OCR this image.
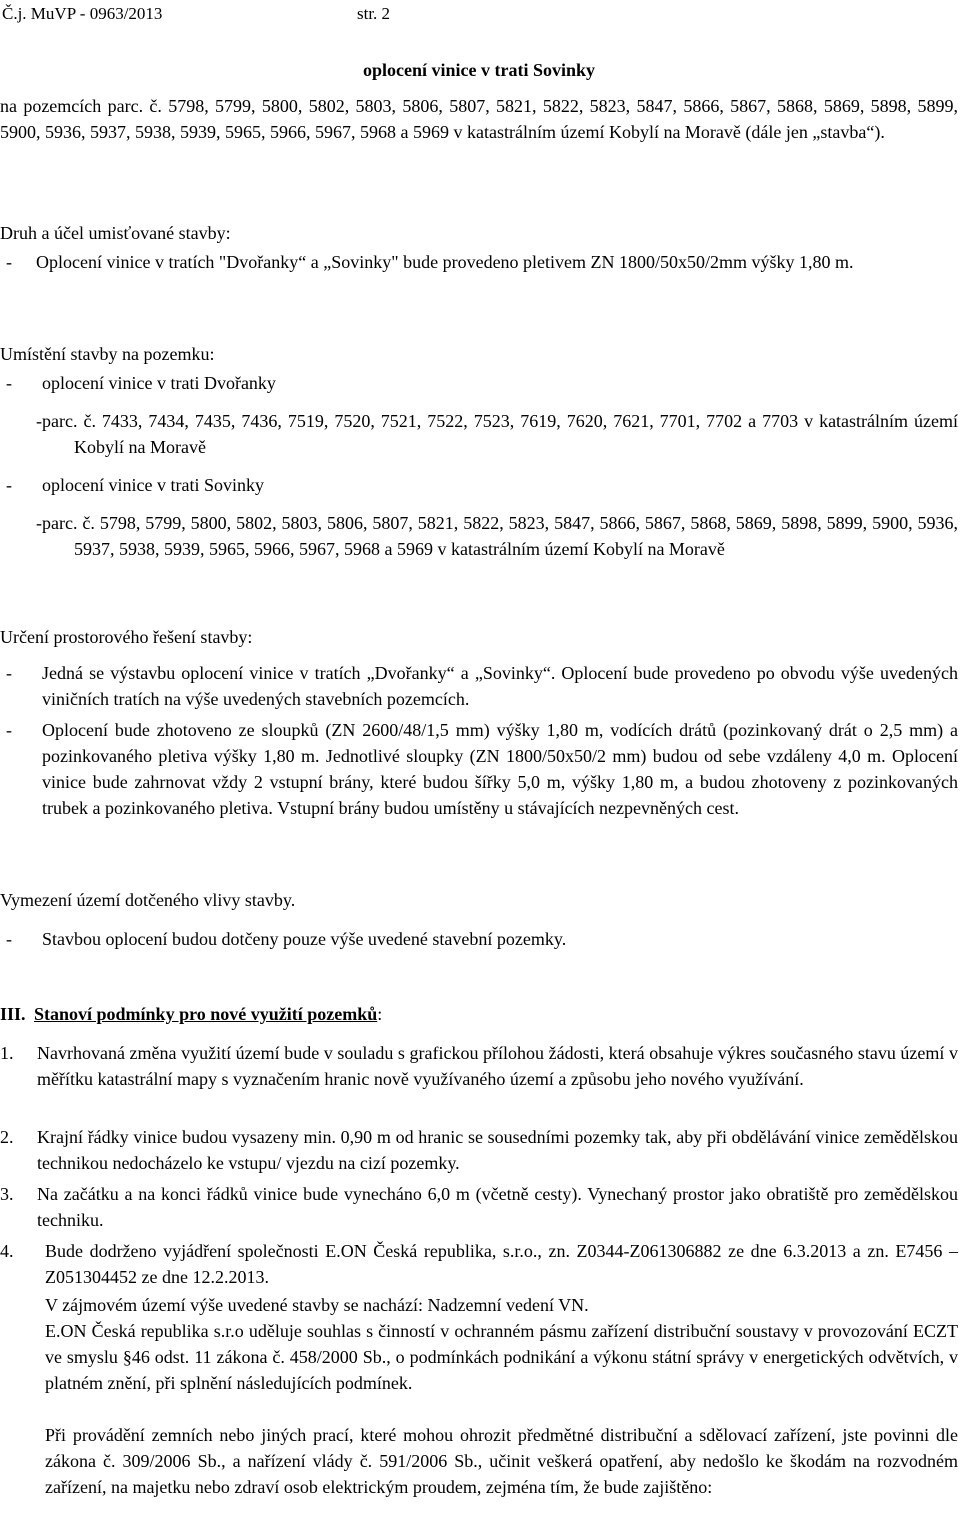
Č.j. MuVP - 0963/2013	str. 2
oplocení vinice v trati Sovinky
na pozemcích parc. č. 5798, 5799, 5800, 5802, 5803, 5806, 5807, 5821, 5822, 5823, 5847, 5866, 5867, 5868, 5869, 5898, 5899, 5900, 5936, 5937, 5938, 5939, 5965, 5966, 5967, 5968 a 5969 v katastrálním území Kobylí na Moravě (dále jen „stavba“).
Druh a účel umisťované stavby:
- Oplocení vinice v tratích "Dvořanky“ a „Sovinky" bude provedeno pletivem ZN 1800/50x50/2mm výšky 1,80 m.
Umístění stavby na pozemku:
- oplocení vinice v trati Dvořanky
- parc. č. 7433, 7434, 7435, 7436, 7519, 7520, 7521, 7522, 7523, 7619, 7620, 7621, 7701, 7702 a 7703 v katastrálním území Kobylí na Moravě
- oplocení vinice v trati Sovinky
- parc. č. 5798, 5799, 5800, 5802, 5803, 5806, 5807, 5821, 5822, 5823, 5847, 5866, 5867, 5868, 5869, 5898, 5899, 5900, 5936, 5937, 5938, 5939, 5965, 5966, 5967, 5968 a 5969 v katastrálním území Kobylí na Moravě
Určení prostorového řešení stavby:
- Jedná se výstavbu oplocení vinice v tratích „Dvořanky“ a „Sovinky“. Oplocení bude provedeno po obvodu výše uvedených viničních tratích na výše uvedených stavebních pozemcích.
- Oplocení bude zhotoveno ze sloupků (ZN 2600/48/1,5 mm) výšky 1,80 m, vodících drátů (pozinkovaný drát o 2,5 mm) a pozinkovaného pletiva výšky 1,80 m. Jednotlivé sloupky (ZN 1800/50x50/2 mm) budou od sebe vzdáleny 4,0 m. Oplocení vinice bude zahrnovat vždy 2 vstupní brány, které budou šířky 5,0 m, výšky 1,80 m, a budou zhotoveny z pozinkovaných trubek a pozinkovaného pletiva. Vstupní brány budou umístěny u stávajících nezpevněných cest.
Vymezení území dotčeného vlivy stavby.
- Stavbou oplocení budou dotčeny pouze výše uvedené stavební pozemky.
III. Stanoví podmínky pro nové využití pozemků:
1. Navrhovaná změna využití území bude v souladu s grafickou přílohou žádosti, která obsahuje výkres současného stavu území v měřítku katastrální mapy s vyznačením hranic nově využívaného území a způsobu jeho nového využívání.
2. Krajní řádky vinice budou vysazeny min. 0,90 m od hranic se sousedními pozemky tak, aby při obdělávání vinice zemědělskou technikou nedocházelo ke vstupu/ vjezdu na cizí pozemky.
3. Na začátku a na konci řádků vinice bude vynecháno 6,0 m (včetně cesty). Vynechaný prostor jako obratiště pro zemědělskou techniku.
4. Bude dodrženo vyjádření společnosti E.ON Česká republika, s.r.o., zn. Z0344-Z061306882 ze dne 6.3.2013 a zn. E7456 – Z051304452 ze dne 12.2.2013.
V zájmovém území výše uvedené stavby se nachází: Nadzemní vedení VN.
E.ON Česká republika s.r.o uděluje souhlas s činností v ochranném pásmu zařízení distribuční soustavy v provozování ECZT ve smyslu §46 odst. 11 zákona č. 458/2000 Sb., o podmínkách podnikání a výkonu státní správy v energetických odvětvích, v platném znění, při splnění následujících podmínek.
Při provádění zemních nebo jiných prací, které mohou ohrozit předmětné distribuční a sdělovací zařízení, jste povinni dle zákona č. 309/2006 Sb., a nařízení vlády č. 591/2006 Sb., učinit veškerá opatření, aby nedošlo ke škodám na rozvodném zařízení, na majetku nebo zdraví osob elektrickým proudem, zejména tím, že bude zajištěno:
